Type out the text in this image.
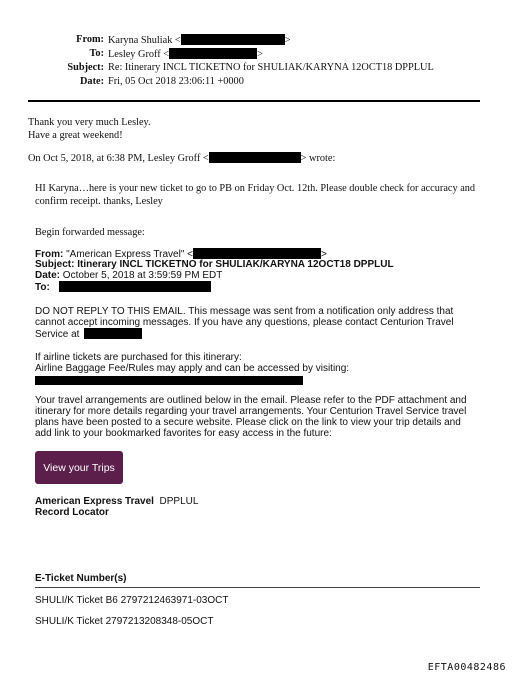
From: Karyna Shuliak <	>
To: Lesley Groff <	>
Subject: Re: Itinerary INCL TICKETNO for SHULIAK/KARYNA 12OCT18 DPPLUL
Date: Fri, 05 Oct 2018 23:06:11 +0000
Thank you very much Lesley.
Have a great weekend!
On Oct 5, 2018, at 6:38 PM, Lesley Groff <	> wrote:
HI Karyna…here is your new ticket to go to PB on Friday Oct. 12th. Please double check for accuracy and
confirm receipt. thanks, Lesley
Begin forwarded message:
From: "American Express Travel" <	>
Subject: Itinerary INCL TICKETNO for SHULIAK/KARYNA 12OCT18 DPPLUL
Date: October 5, 2018 at 3:59:59 PM EDT
To:
DO NOT REPLY TO THIS EMAIL. This message was sent from a notification only address that
cannot accept incoming messages. If you have any questions, please contact Centurion Travel
Service at
If airline tickets are purchased for this itinerary:
Airline Baggage Fee/Rules may apply and can be accessed by visiting:
Your travel arrangements are outlined below in the email. Please refer to the PDF attachment and
itinerary for more details regarding your travel arrangements. Your Centurion Travel Service travel
plans have been posted to a secure website. Please click on the link to view your trip details and
add link to your bookmarked favorites for easy access in the future:
View your Trips
American Express Travel DPPLUL
Record Locator
E-Ticket Number(s)
SHULI/K Ticket B6 2797212463971-03OCT
SHULI/K Ticket 2797213208348-05OCT
EFTA00482486
